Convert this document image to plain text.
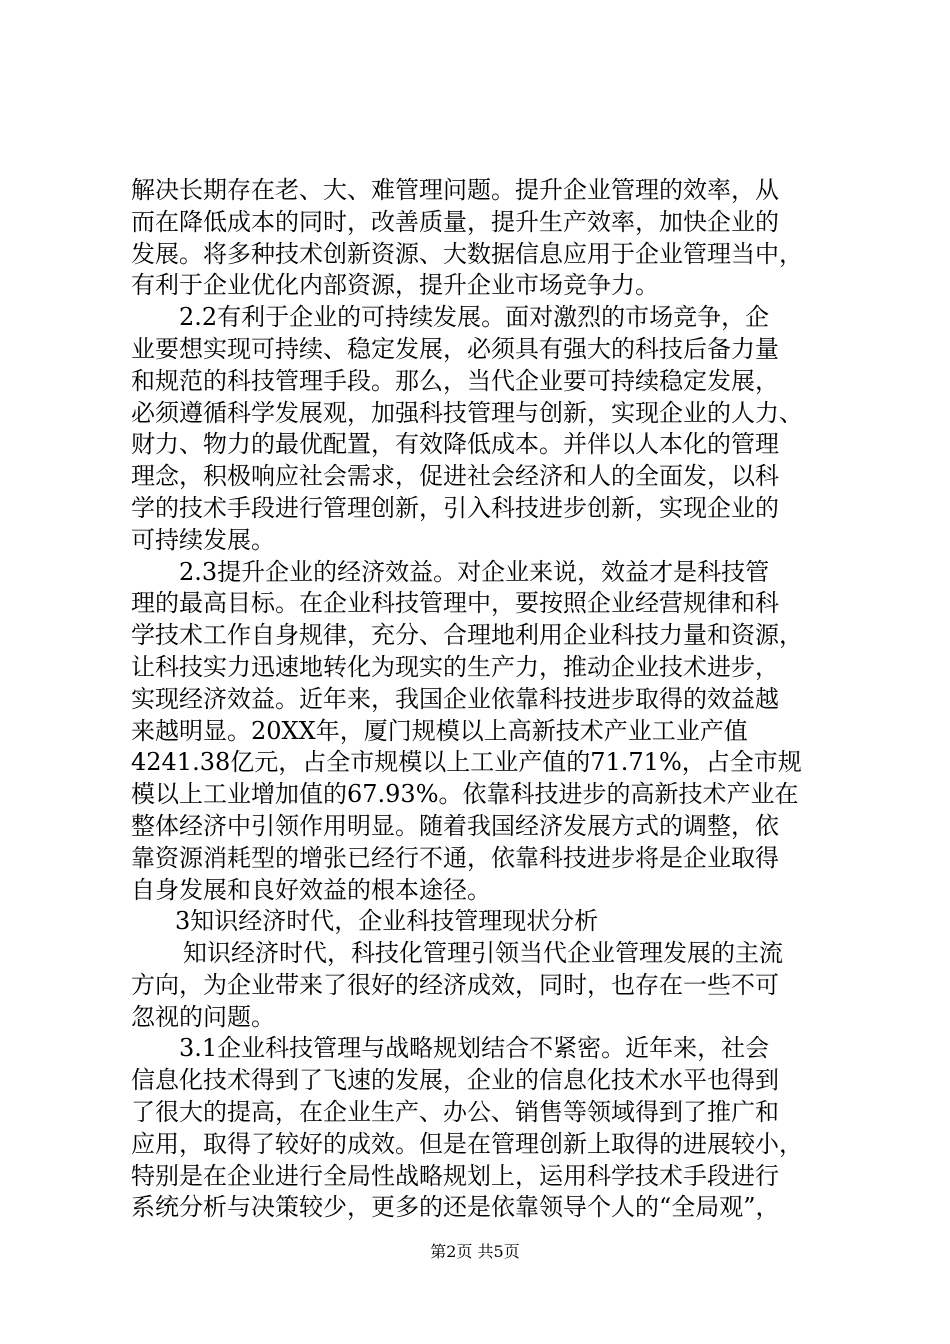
解决长期存在老、大、难管理问题。提升企业管理的效率，从
而在降低成本的同时，改善质量，提升生产效率，加快企业的
发展。将多种技术创新资源、大数据信息应用于企业管理当中，
有利于企业优化内部资源，提升企业市场竞争力。
2.2有利于企业的可持续发展。面对激烈的市场竞争，企
业要想实现可持续、稳定发展，必须具有强大的科技后备力量
和规范的科技管理手段。那么，当代企业要可持续稳定发展，
必须遵循科学发展观，加强科技管理与创新，实现企业的人力、
财力、物力的最优配置，有效降低成本。并伴以人本化的管理
理念，积极响应社会需求，促进社会经济和人的全面发，以科
学的技术手段进行管理创新，引入科技进步创新，实现企业的
可持续发展。
2.3提升企业的经济效益。对企业来说，效益才是科技管
理的最高目标。在企业科技管理中，要按照企业经营规律和科
学技术工作自身规律，充分、合理地利用企业科技力量和资源，
让科技实力迅速地转化为现实的生产力，推动企业技术进步，
实现经济效益。近年来，我国企业依靠科技进步取得的效益越
来越明显。20XX年，厦门规模以上高新技术产业工业产值
4241.38亿元，占全市规模以上工业产值的71.71%，占全市规
模以上工业增加值的67.93%。依靠科技进步的高新技术产业在
整体经济中引领作用明显。随着我国经济发展方式的调整，依
靠资源消耗型的增张已经行不通，依靠科技进步将是企业取得
自身发展和良好效益的根本途径。
3知识经济时代，企业科技管理现状分析
知识经济时代，科技化管理引领当代企业管理发展的主流
方向，为企业带来了很好的经济成效，同时，也存在一些不可
忽视的问题。
3.1企业科技管理与战略规划结合不紧密。近年来，社会
信息化技术得到了飞速的发展，企业的信息化技术水平也得到
了很大的提高，在企业生产、办公、销售等领域得到了推广和
应用，取得了较好的成效。但是在管理创新上取得的进展较小，
特别是在企业进行全局性战略规划上，运用科学技术手段进行
系统分析与决策较少，更多的还是依靠领导个人的“全局观”，
第2页 共5页
